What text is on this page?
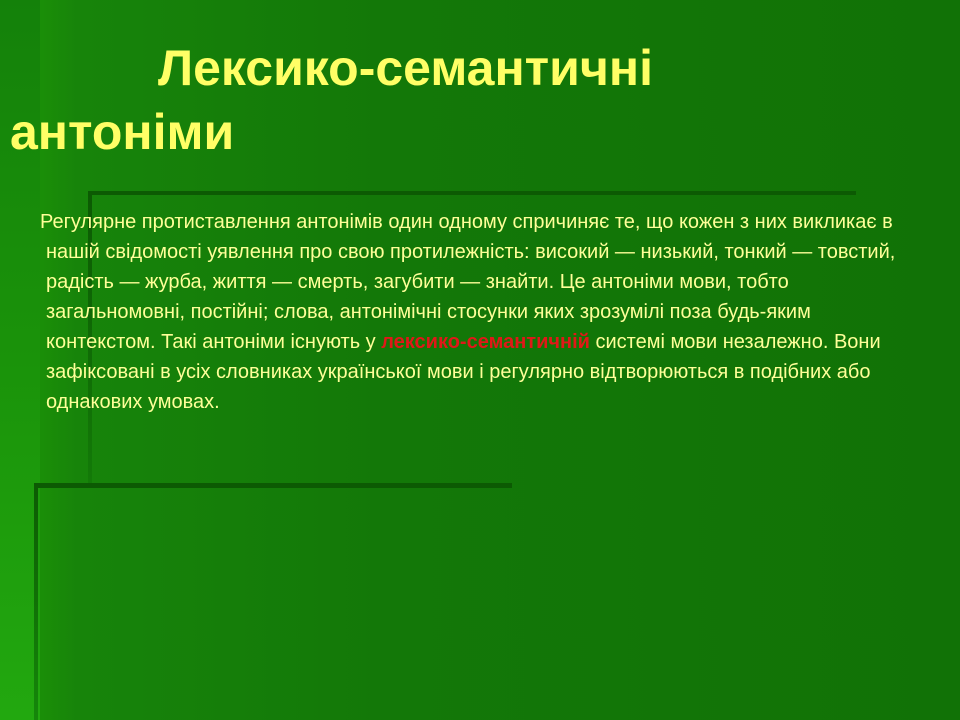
Лексико-семантичні
антоніми

Регулярне протиставлення антонімів один одному спричиняє те, що кожен з них викликає в нашій свідомості уявлення про свою протилежність: високий — низький, тонкий — товстий, радість — журба, життя — смерть, загубити — знайти. Це антоніми мови, тобто загальномовні, постійні; слова, антонімічні стосунки яких зрозумілі поза будь-яким контекстом. Такі антоніми існують у лексико-семантичній системі мови незалежно. Вони зафіксовані в усіх словниках української мови і регулярно відтворюються в подібних або однакових умовах.
